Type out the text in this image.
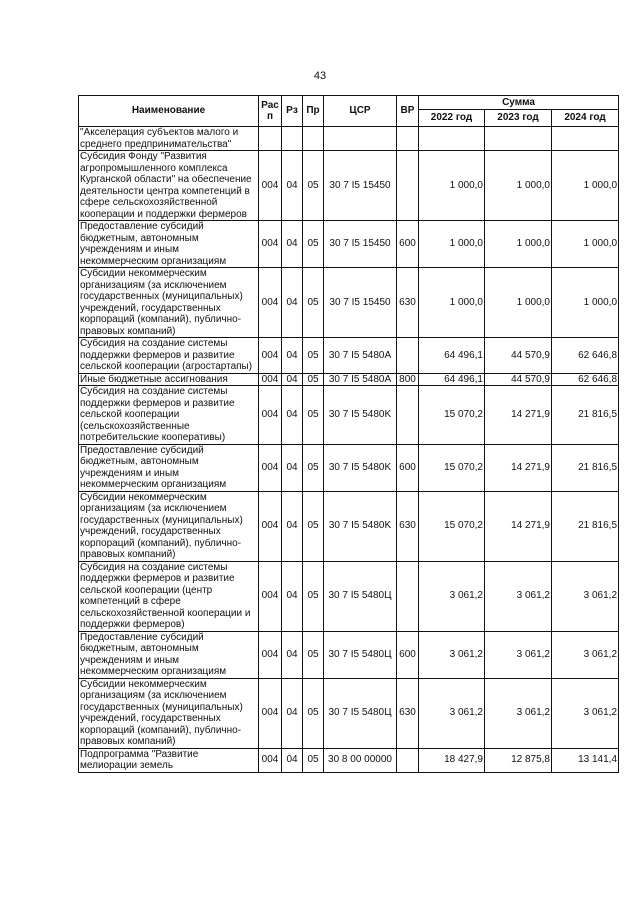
43
Наименование	Рас п	Рз	Пр	ЦСР	ВР	Сумма		
						2022 год	2023 год	2024 год
"Акселерация субъектов малого и среднего предпринимательства"								
Субсидия Фонду "Развития агропромышленного комплекса Курганской области" на обеспечение деятельности центра компетенций в сфере сельскохозяйственной кооперации и поддержки фермеров	004	04	05	30 7 I5 15450		1 000,0	1 000,0	1 000,0
Предоставление субсидий бюджетным, автономным учреждениям и иным некоммерческим организациям	004	04	05	30 7 I5 15450	600	1 000,0	1 000,0	1 000,0
Субсидии некоммерческим организациям (за исключением государственных (муниципальных) учреждений, государственных корпораций (компаний), публично-правовых компаний)	004	04	05	30 7 I5 15450	630	1 000,0	1 000,0	1 000,0
Субсидия на создание системы поддержки фермеров и развитие сельской кооперации (агростартапы)	004	04	05	30 7 I5 5480A		64 496,1	44 570,9	62 646,8
Иные бюджетные ассигнования	004	04	05	30 7 I5 5480A	800	64 496,1	44 570,9	62 646,8
Субсидия на создание системы поддержки фермеров и развитие сельской кооперации (сельскохозяйственные потребительские кооперативы)	004	04	05	30 7 I5 5480K		15 070,2	14 271,9	21 816,5
Предоставление субсидий бюджетным, автономным учреждениям и иным некоммерческим организациям	004	04	05	30 7 I5 5480K	600	15 070,2	14 271,9	21 816,5
Субсидии некоммерческим организациям (за исключением государственных (муниципальных) учреждений, государственных корпораций (компаний), публично-правовых компаний)	004	04	05	30 7 I5 5480K	630	15 070,2	14 271,9	21 816,5
Субсидия на создание системы поддержки фермеров и развитие сельской кооперации (центр компетенций в сфере сельскохозяйственной кооперации и поддержки фермеров)	004	04	05	30 7 I5 5480Ц		3 061,2	3 061,2	3 061,2
Предоставление субсидий бюджетным, автономным учреждениям и иным некоммерческим организациям	004	04	05	30 7 I5 5480Ц	600	3 061,2	3 061,2	3 061,2
Субсидии некоммерческим организациям (за исключением государственных (муниципальных) учреждений, государственных корпораций (компаний), публично-правовых компаний)	004	04	05	30 7 I5 5480Ц	630	3 061,2	3 061,2	3 061,2
Подпрограмма "Развитие мелиорации земель	004	04	05	30 8 00 00000		18 427,9	12 875,8	13 141,4
